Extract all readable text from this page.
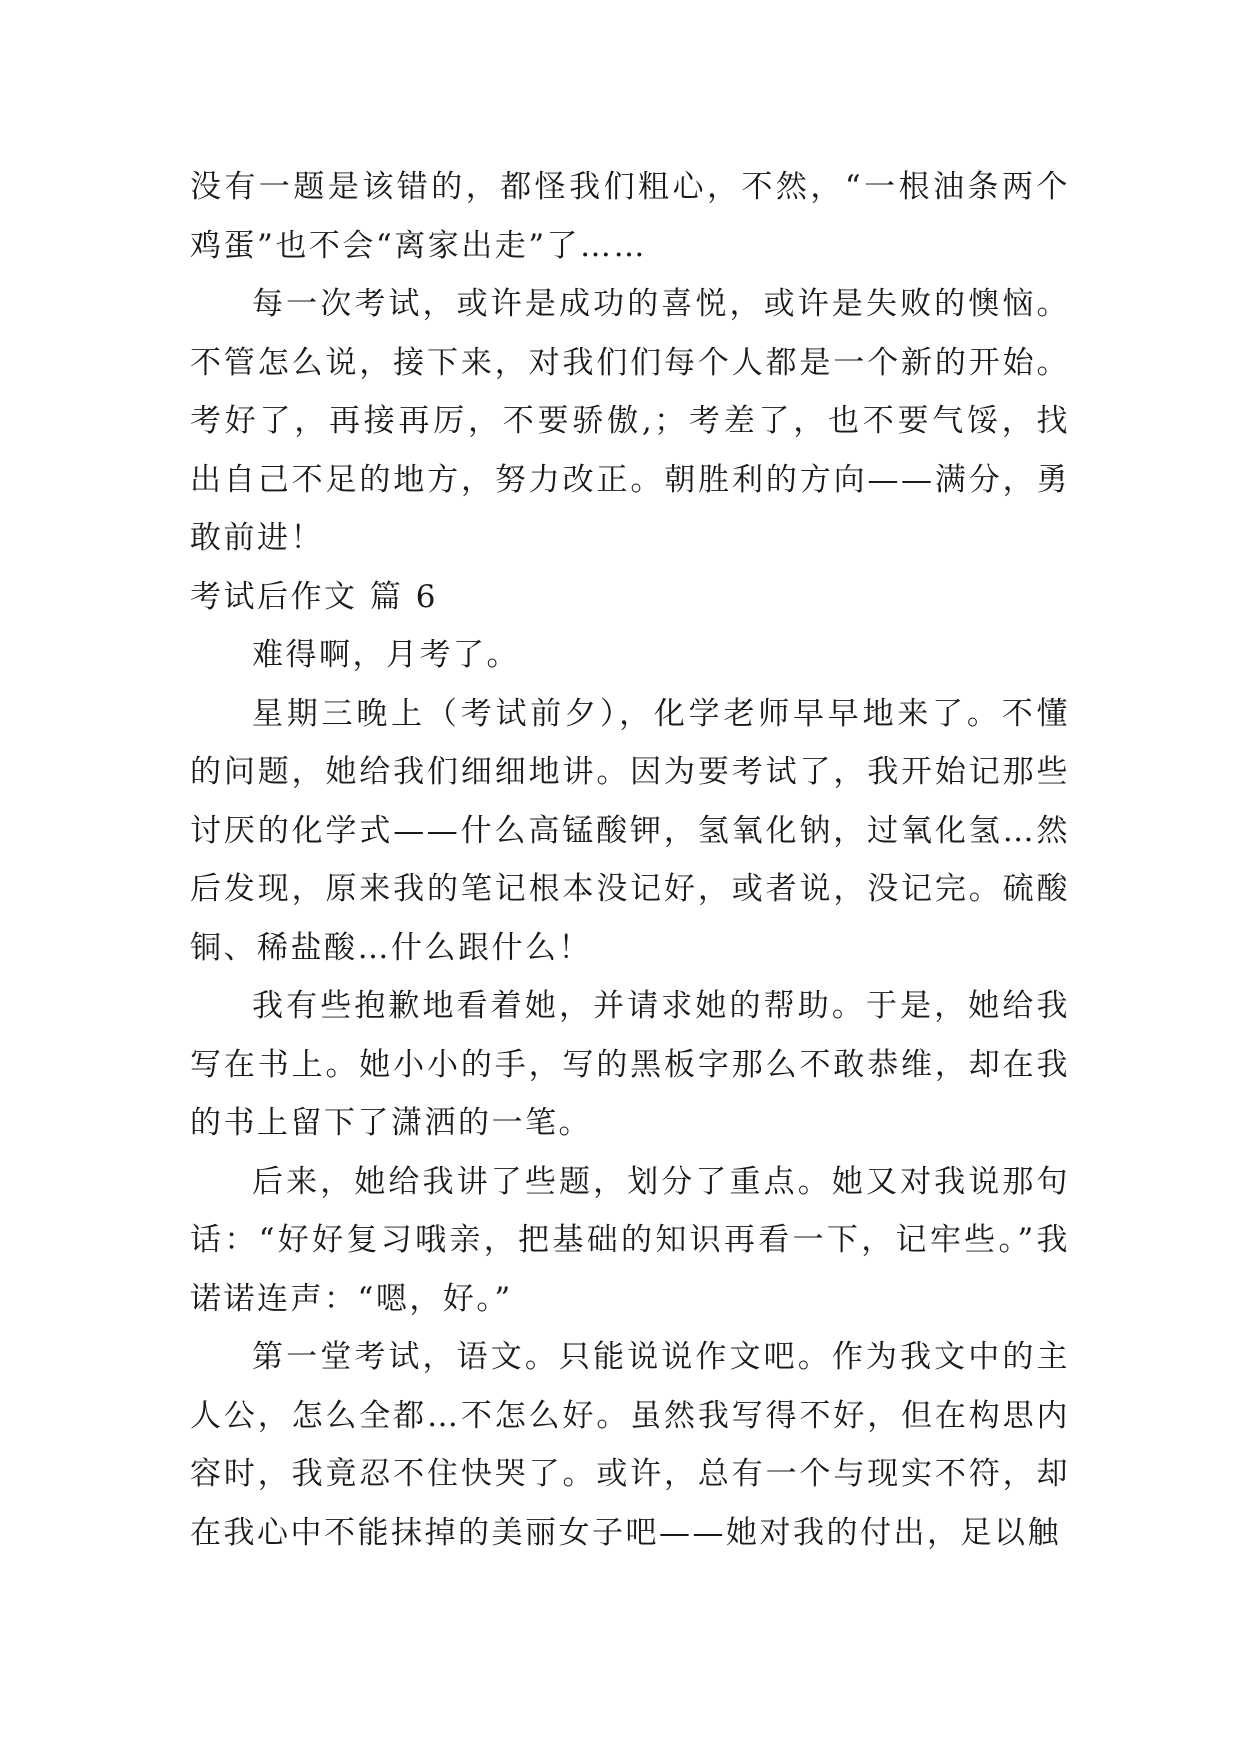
没有一题是该错的，都怪我们粗心，不然，“一根油条两个鸡蛋”也不会“离家出走”了……

每一次考试，或许是成功的喜悦，或许是失败的懊恼。不管怎么说，接下来，对我们们每个人都是一个新的开始。考好了，再接再厉，不要骄傲,；考差了，也不要气馁，找出自己不足的地方，努力改正。朝胜利的方向——满分，勇敢前进！

考试后作文 篇 6

难得啊，月考了。

星期三晚上（考试前夕），化学老师早早地来了。不懂的问题，她给我们细细地讲。因为要考试了，我开始记那些讨厌的化学式——什么高锰酸钾，氢氧化钠，过氧化氢…然后发现，原来我的笔记根本没记好，或者说，没记完。硫酸铜、稀盐酸…什么跟什么！

我有些抱歉地看着她，并请求她的帮助。于是，她给我写在书上。她小小的手，写的黑板字那么不敢恭维，却在我的书上留下了潇洒的一笔。

后来，她给我讲了些题，划分了重点。她又对我说那句话：“好好复习哦亲，把基础的知识再看一下，记牢些。”我诺诺连声：“嗯，好。”

第一堂考试，语文。只能说说作文吧。作为我文中的主人公，怎么全都…不怎么好。虽然我写得不好，但在构思内容时，我竟忍不住快哭了。或许，总有一个与现实不符，却在我心中不能抹掉的美丽女子吧——她对我的付出，足以触
